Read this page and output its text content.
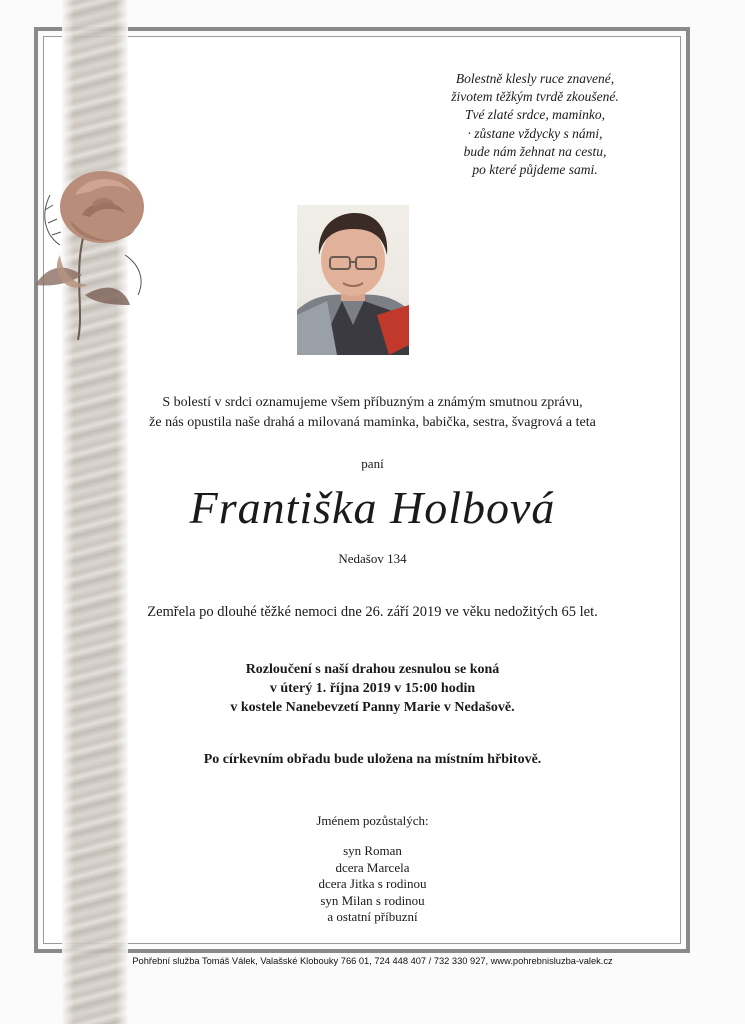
Bolestně klesly ruce znavené,
životem těžkým tvrdě zkoušené.
Tvé zlaté srdce, maminko,
· zůstane vždycky s námi,
bude nám žehnat na cestu,
po které půjdeme sami.
S bolestí v srdci oznamujeme všem příbuzným a známým smutnou zprávu,
že nás opustila naše drahá a milovaná maminka, babička, sestra, švagrová a teta
paní
Františka Holbová
Nedašov 134
Zemřela po dlouhé těžké nemoci dne 26. září 2019 ve věku nedožitých 65 let.
Rozloučení s naší drahou zesnulou se koná
v úterý 1. října 2019 v 15:00 hodin
v kostele Nanebevzetí Panny Marie v Nedašově.
Po církevním obřadu bude uložena na místním hřbitově.
Jménem pozůstalých:
syn Roman
dcera Marcela
dcera Jitka s rodinou
syn Milan s rodinou
a ostatní příbuzní
Pohřební služba Tomáš Válek, Valašské Klobouky 766 01, 724 448 407 / 732 330 927, www.pohrebnisluzba-valek.cz
